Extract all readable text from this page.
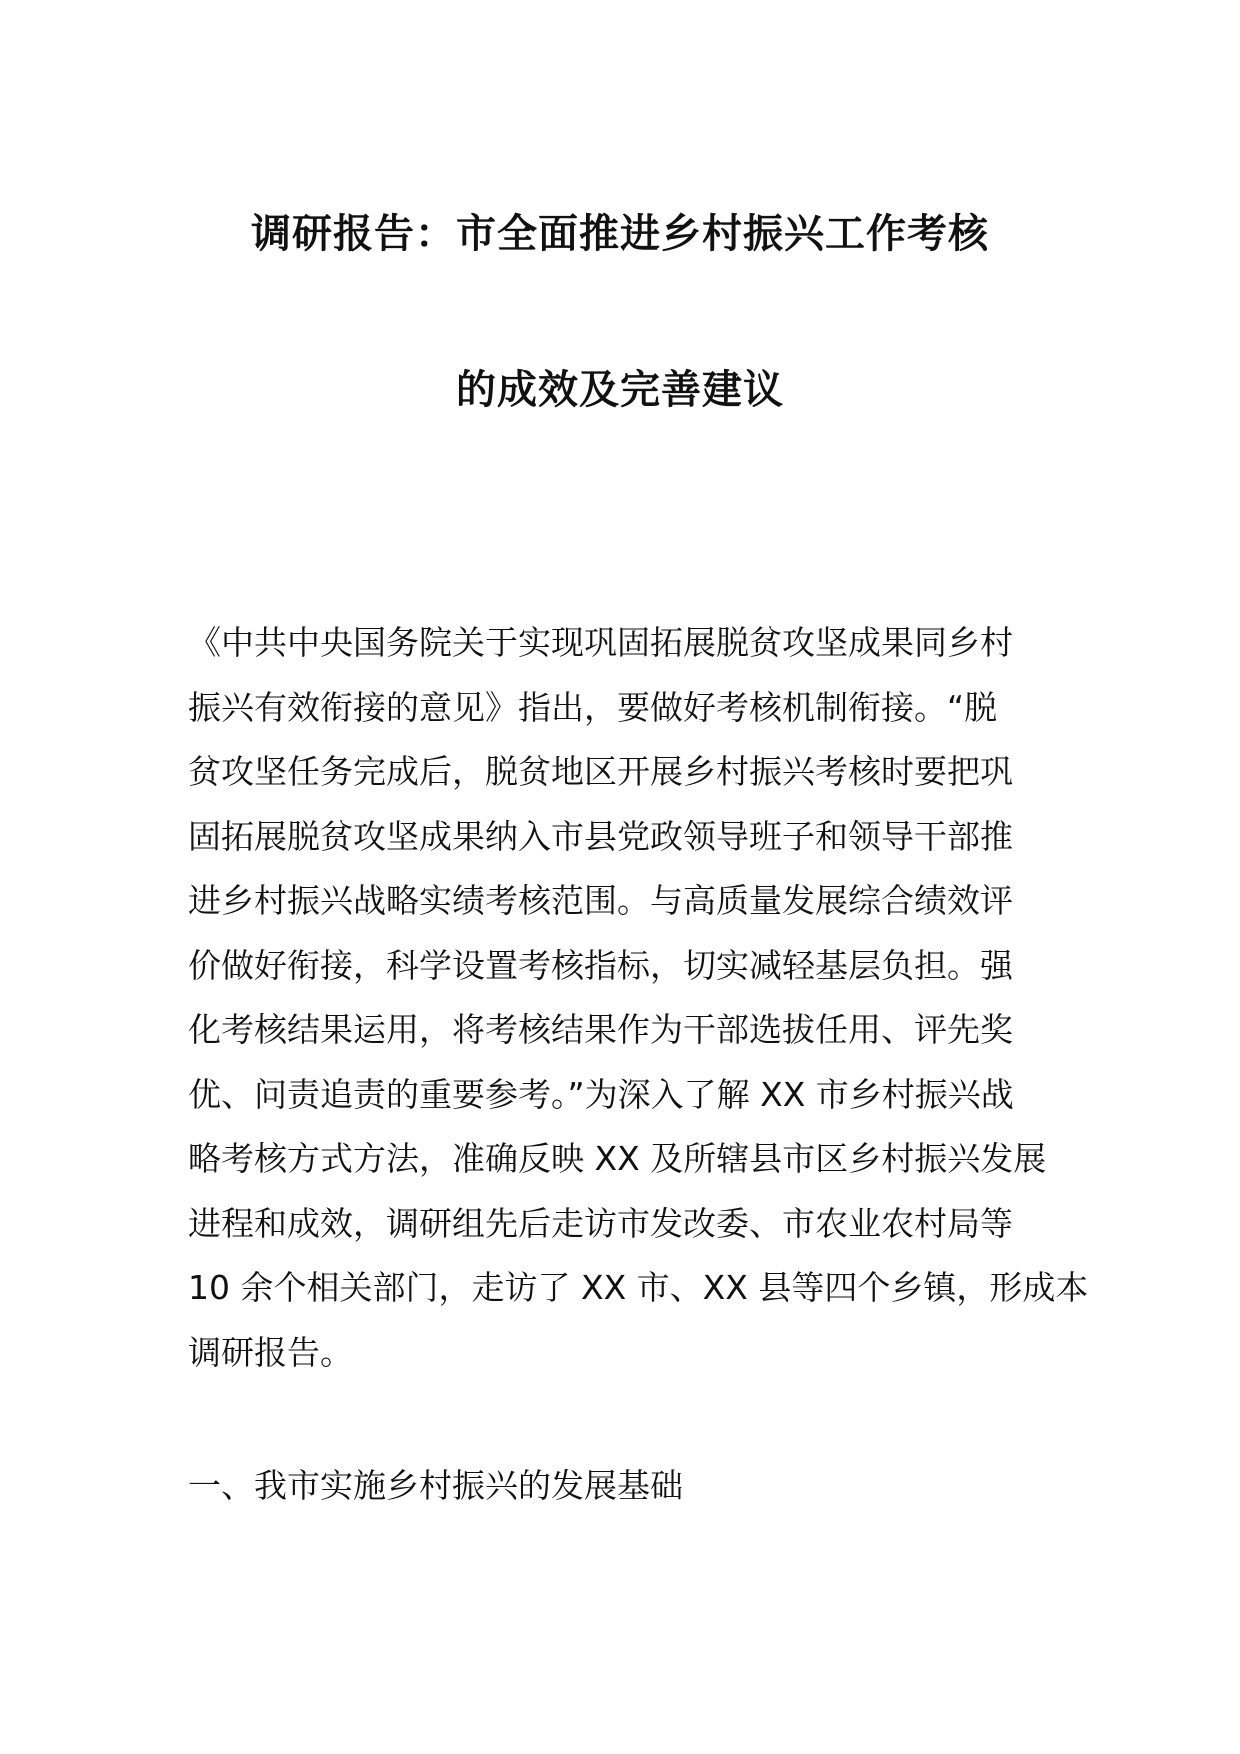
调研报告：市全面推进乡村振兴工作考核
的成效及完善建议
《中共中央国务院关于实现巩固拓展脱贫攻坚成果同乡村
振兴有效衔接的意见》指出，要做好考核机制衔接。“脱
贫攻坚任务完成后，脱贫地区开展乡村振兴考核时要把巩
固拓展脱贫攻坚成果纳入市县党政领导班子和领导干部推
进乡村振兴战略实绩考核范围。与高质量发展综合绩效评
价做好衔接，科学设置考核指标，切实减轻基层负担。强
化考核结果运用，将考核结果作为干部选拔任用、评先奖
优、问责追责的重要参考。”为深入了解 XX 市乡村振兴战
略考核方式方法，准确反映 XX 及所辖县市区乡村振兴发展
进程和成效，调研组先后走访市发改委、市农业农村局等
10 余个相关部门，走访了 XX 市、XX 县等四个乡镇，形成本
调研报告。
一、我市实施乡村振兴的发展基础
